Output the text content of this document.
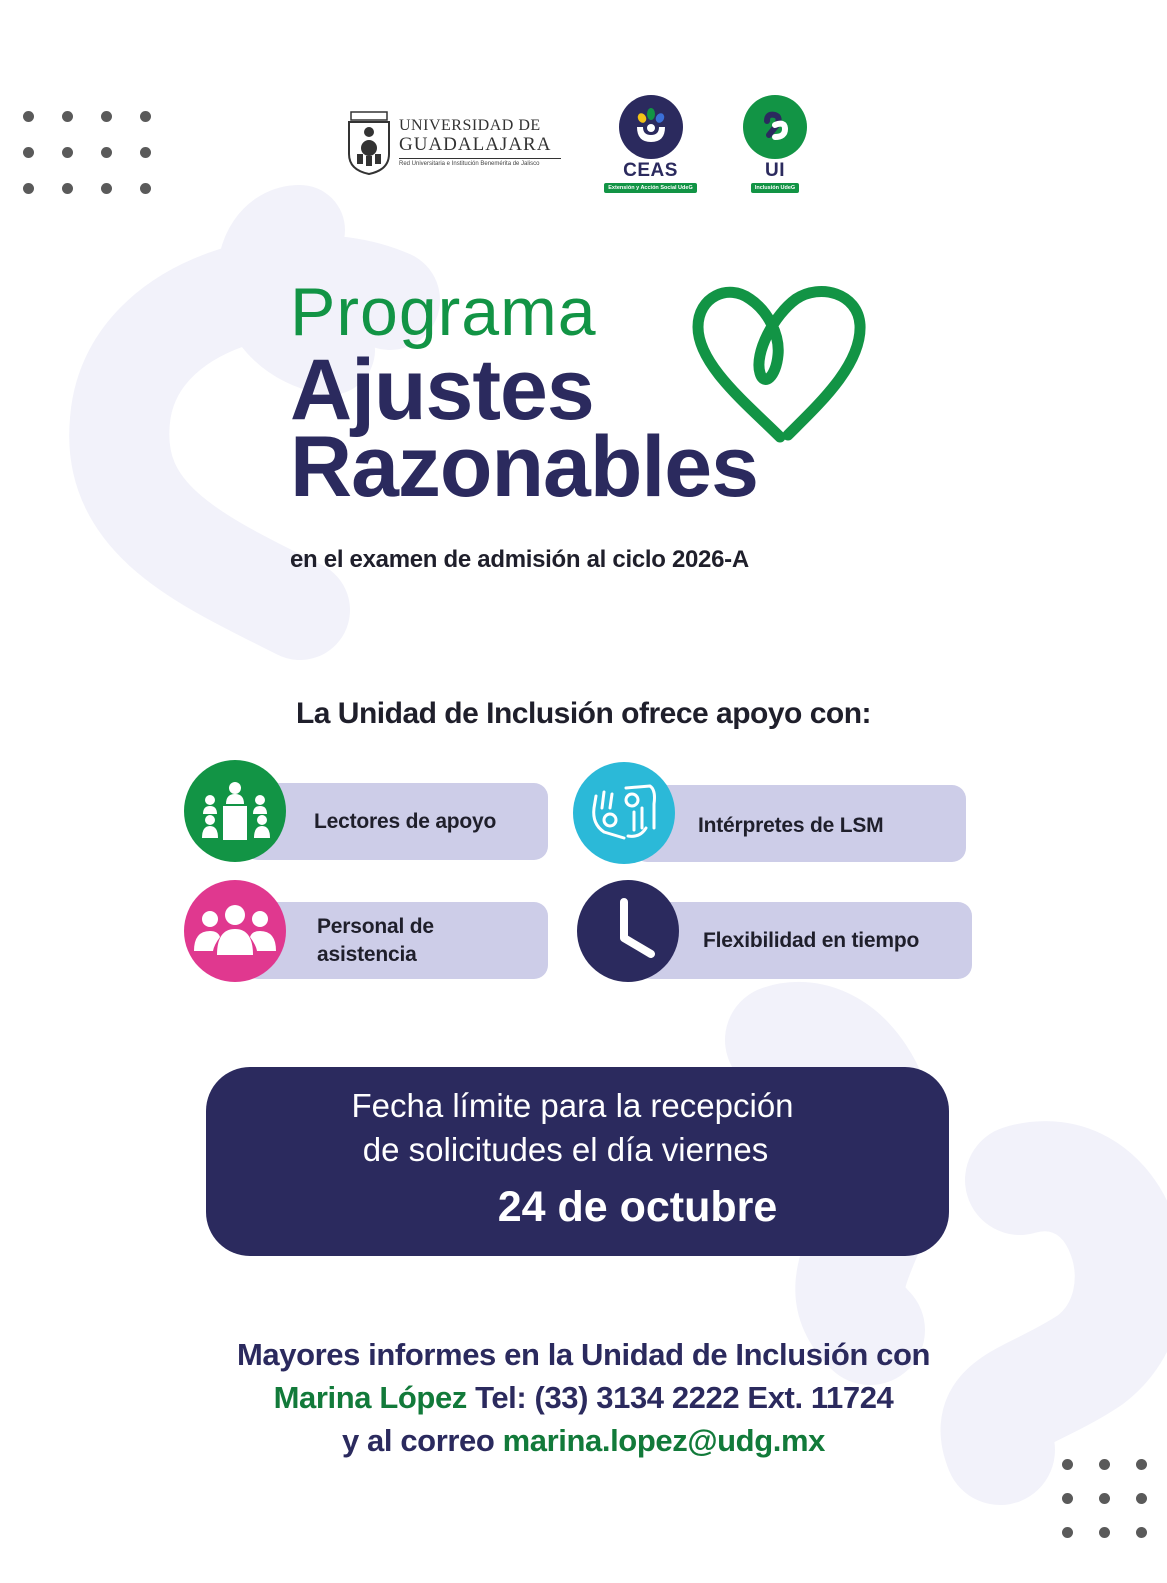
UNIVERSIDAD DE
GUADALAJARA
Red Universitaria e Institución Benemérita de Jalisco	CEAS
Extensión y Acción Social UdeG
UI
Inclusión UdeG
Programa
Ajustes
Razonables
en el examen de admisión al ciclo 2026-A
La Unidad de Inclusión ofrece apoyo con:
Lectores de apoyo	Intérpretes de LSM
Personal de
asistencia
Flexibilidad en tiempo
Fecha límite para la recepción
de solicitudes el día viernes
24 de octubre
Mayores informes en la Unidad de Inclusión con
Marina López Tel: (33) 3134 2222 Ext. 11724
y al correo marina.lopez@udg.mx
